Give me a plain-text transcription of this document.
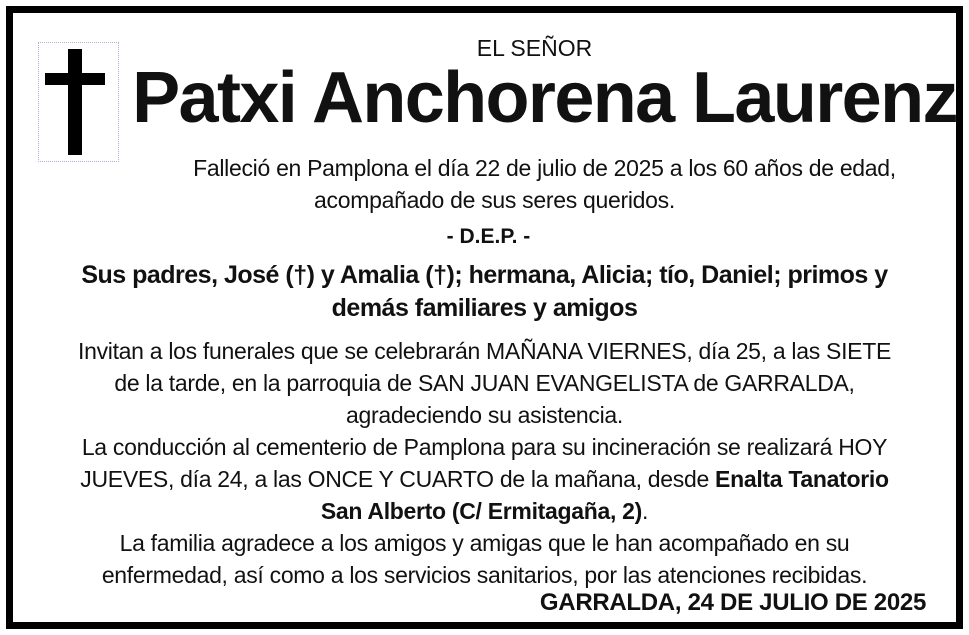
EL SEÑOR
Patxi Anchorena Laurenz
Falleció en Pamplona el día 22 de julio de 2025 a los 60 años de edad,
acompañado de sus seres queridos.
- D.E.P. -
Sus padres, José (†) y Amalia (†); hermana, Alicia; tío, Daniel; primos y
demás familiares y amigos
Invitan a los funerales que se celebrarán MAÑANA VIERNES, día 25, a las SIETE
de la tarde, en la parroquia de SAN JUAN EVANGELISTA de GARRALDA,
agradeciendo su asistencia.
La conducción al cementerio de Pamplona para su incineración se realizará HOY
JUEVES, día 24, a las ONCE Y CUARTO de la mañana, desde Enalta Tanatorio
San Alberto (C/ Ermitagaña, 2).
La familia agradece a los amigos y amigas que le han acompañado en su
enfermedad, así como a los servicios sanitarios, por las atenciones recibidas.
GARRALDA, 24 DE JULIO DE 2025
